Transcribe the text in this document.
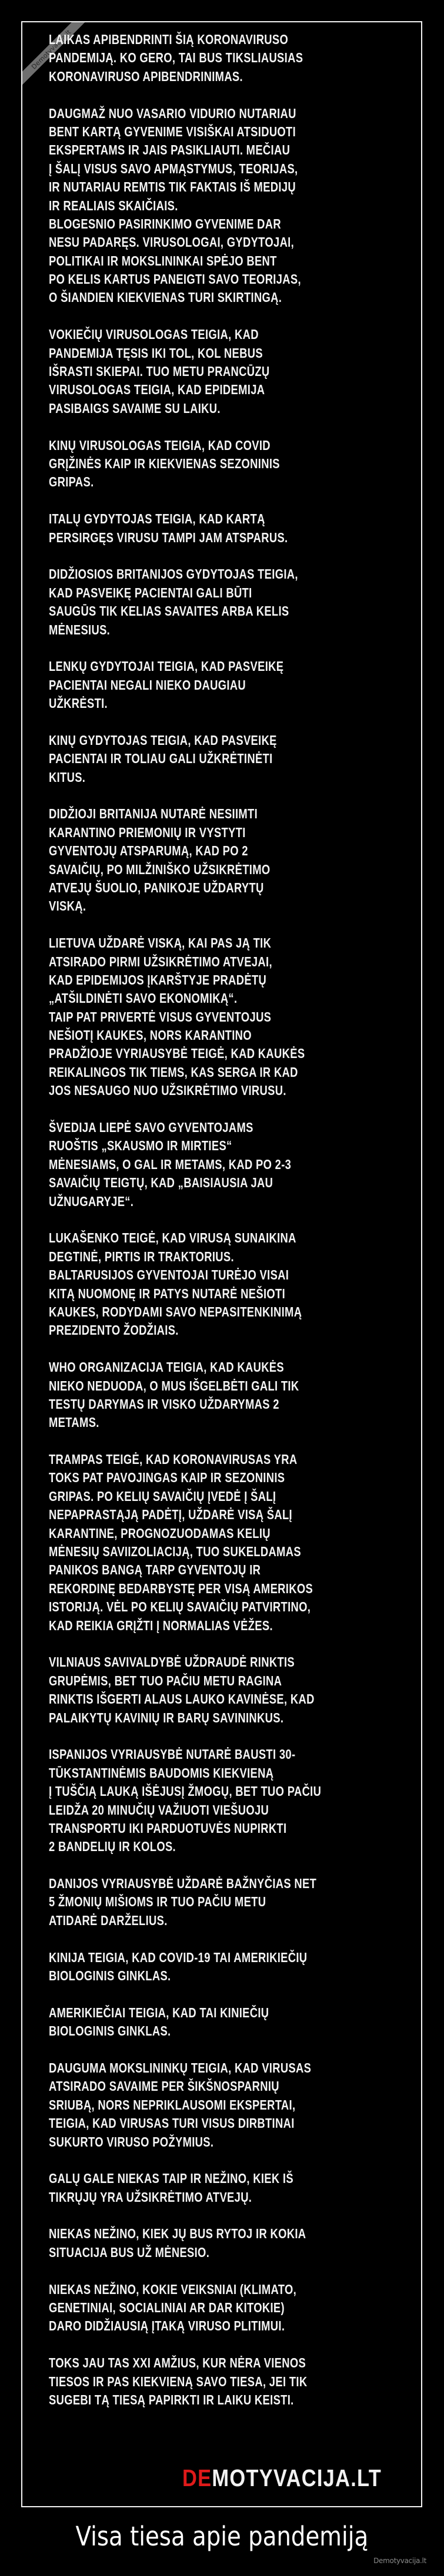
Demotyvacija.lt
LAIKAS APIBENDRINTI ŠIĄ KORONAVIRUSO
PANDEMIJĄ. KO GERO, TAI BUS TIKSLIAUSIAS
KORONAVIRUSO APIBENDRINIMAS.
DAUGMAŽ NUO VASARIO VIDURIO NUTARIAU
BENT KARTĄ GYVENIME VISIŠKAI ATSIDUOTI
EKSPERTAMS IR JAIS PASIKLIAUTI. MEČIAU
Į ŠALĮ VISUS SAVO APMĄSTYMUS, TEORIJAS,
IR NUTARIAU REMTIS TIK FAKTAIS IŠ MEDIJŲ
IR REALIAIS SKAIČIAIS.
BLOGESNIO PASIRINKIMO GYVENIME DAR
NESU PADARĘS. VIRUSOLOGAI, GYDYTOJAI,
POLITIKAI IR MOKSLININKAI SPĖJO BENT
PO KELIS KARTUS PANEIGTI SAVO TEORIJAS,
O ŠIANDIEN KIEKVIENAS TURI SKIRTINGĄ.
VOKIEČIŲ VIRUSOLOGAS TEIGIA, KAD
PANDEMIJA TĘSIS IKI TOL, KOL NEBUS
IŠRASTI SKIEPAI. TUO METU PRANCŪZŲ
VIRUSOLOGAS TEIGIA, KAD EPIDEMIJA
PASIBAIGS SAVAIME SU LAIKU.
KINŲ VIRUSOLOGAS TEIGIA, KAD COVID
GRĮŽINĖS KAIP IR KIEKVIENAS SEZONINIS
GRIPAS.
ITALŲ GYDYTOJAS TEIGIA, KAD KARTĄ
PERSIRGĘS VIRUSU TAMPI JAM ATSPARUS.
DIDŽIOSIOS BRITANIJOS GYDYTOJAS TEIGIA,
KAD PASVEIKĘ PACIENTAI GALI BŪTI
SAUGŪS TIK KELIAS SAVAITES ARBA KELIS
MĖNESIUS.
LENKŲ GYDYTOJAI TEIGIA, KAD PASVEIKĘ
PACIENTAI NEGALI NIEKO DAUGIAU
UŽKRĖSTI.
KINŲ GYDYTOJAS TEIGIA, KAD PASVEIKĘ
PACIENTAI IR TOLIAU GALI UŽKRĖTINĖTI
KITUS.
DIDŽIOJI BRITANIJA NUTARĖ NESIIMTI
KARANTINO PRIEMONIŲ IR VYSTYTI
GYVENTOJŲ ATSPARUMĄ, KAD PO 2
SAVAIČIŲ, PO MILŽINIŠKO UŽSIKRĖTIMO
ATVEJŲ ŠUOLIO, PANIKOJE UŽDARYTŲ
VISKĄ.
LIETUVA UŽDARĖ VISKĄ, KAI PAS JĄ TIK
ATSIRADO PIRMI UŽSIKRĖTIMO ATVEJAI,
KAD EPIDEMIJOS ĮKARŠTYJE PRADĖTŲ
„ATŠILDINĖTI SAVO EKONOMIKĄ“.
TAIP PAT PRIVERTĖ VISUS GYVENTOJUS
NEŠIOTĮ KAUKES, NORS KARANTINO
PRADŽIOJE VYRIAUSYBĖ TEIGĖ, KAD KAUKĖS
REIKALINGOS TIK TIEMS, KAS SERGA IR KAD
JOS NESAUGO NUO UŽSIKRĖTIMO VIRUSU.
ŠVEDIJA LIEPĖ SAVO GYVENTOJAMS
RUOŠTIS „SKAUSMO IR MIRTIES“
MĖNESIAMS, O GAL IR METAMS, KAD PO 2-3
SAVAIČIŲ TEIGTŲ, KAD „BAISIAUSIA JAU
UŽNUGARYJE“.
LUKAŠENKO TEIGĖ, KAD VIRUSĄ SUNAIKINA
DEGTINĖ, PIRTIS IR TRAKTORIUS.
BALTARUSIJOS GYVENTOJAI TURĖJO VISAI
KITĄ NUOMONĘ IR PATYS NUTARĖ NEŠIOTI
KAUKES, RODYDAMI SAVO NEPASITENKINIMĄ
PREZIDENTO ŽODŽIAIS.
WHO ORGANIZACIJA TEIGIA, KAD KAUKĖS
NIEKO NEDUODA, O MUS IŠGELBĖTI GALI TIK
TESTŲ DARYMAS IR VISKO UŽDARYMAS 2
METAMS.
TRAMPAS TEIGĖ, KAD KORONAVIRUSAS YRA
TOKS PAT PAVOJINGAS KAIP IR SEZONINIS
GRIPAS. PO KELIŲ SAVAIČIŲ ĮVEDĖ Į ŠALĮ
NEPAPRASTĄJĄ PADĖTĮ, UŽDARĖ VISĄ ŠALĮ
KARANTINE, PROGNOZUODAMAS KELIŲ
MĖNESIŲ SAVIIZOLIACIJĄ, TUO SUKELDAMAS
PANIKOS BANGĄ TARP GYVENTOJŲ IR
REKORDINĘ BEDARBYSTĘ PER VISĄ AMERIKOS
ISTORIJĄ. VĖL PO KELIŲ SAVAIČIŲ PATVIRTINO,
KAD REIKIA GRĮŽTI Į NORMALIAS VĖŽES.
VILNIAUS SAVIVALDYBĖ UŽDRAUDĖ RINKTIS
GRUPĖMIS, BET TUO PAČIU METU RAGINA
RINKTIS IŠGERTI ALAUS LAUKO KAVINĖSE, KAD
PALAIKYTŲ KAVINIŲ IR BARŲ SAVININKUS.
ISPANIJOS VYRIAUSYBĖ NUTARĖ BAUSTI 30-
TŪKSTANTINĖMIS BAUDOMIS KIEKVIENĄ
Į TUŠČIĄ LAUKĄ IŠĖJUSĮ ŽMOGŲ, BET TUO PAČIU
LEIDŽA 20 MINUČIŲ VAŽIUOTI VIEŠUOJU
TRANSPORTU IKI PARDUOTUVĖS NUPIRKTI
2 BANDELIŲ IR KOLOS.
DANIJOS VYRIAUSYBĖ UŽDARĖ BAŽNYČIAS NET
5 ŽMONIŲ MIŠIOMS IR TUO PAČIU METU
ATIDARĖ DARŽELIUS.
KINIJA TEIGIA, KAD COVID-19 TAI AMERIKIEČIŲ
BIOLOGINIS GINKLAS.
AMERIKIEČIAI TEIGIA, KAD TAI KINIEČIŲ
BIOLOGINIS GINKLAS.
DAUGUMA MOKSLININKŲ TEIGIA, KAD VIRUSAS
ATSIRADO SAVAIME PER ŠIKŠNOSPARNIŲ
SRIUBĄ, NORS NEPRIKLAUSOMI EKSPERTAI,
TEIGIA, KAD VIRUSAS TURI VISUS DIRBTINAI
SUKURTO VIRUSO POŽYMIUS.
GALŲ GALE NIEKAS TAIP IR NEŽINO, KIEK IŠ
TIKRŲJŲ YRA UŽSIKRĖTIMO ATVEJŲ.
NIEKAS NEŽINO, KIEK JŲ BUS RYTOJ IR KOKIA
SITUACIJA BUS UŽ MĖNESIO.
NIEKAS NEŽINO, KOKIE VEIKSNIAI (KLIMATO,
GENETINIAI, SOCIALINIAI AR DAR KITOKIE)
DARO DIDŽIAUSIĄ ĮTAKĄ VIRUSO PLITIMUI.
TOKS JAU TAS XXI AMŽIUS, KUR NĖRA VIENOS
TIESOS IR PAS KIEKVIENĄ SAVO TIESA, JEI TIK
SUGEBI TĄ TIESĄ PAPIRKTI IR LAIKU KEISTI.
DEMOTYVACIJA.LT
Visa tiesa apie pandemiją
Demotyvacija.lt
